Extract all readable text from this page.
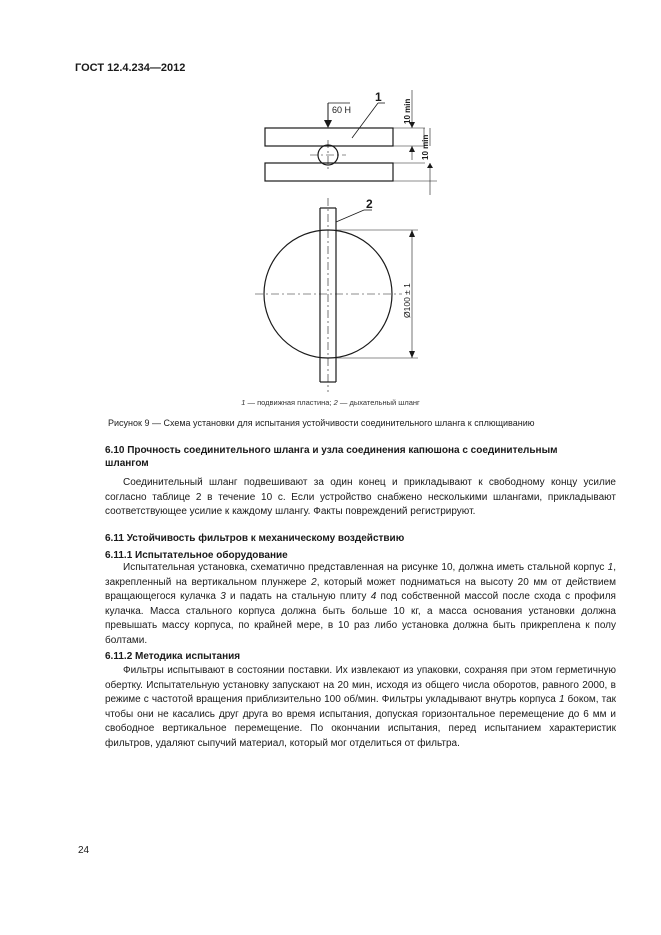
ГОСТ 12.4.234—2012
60 Н
1
2
10 min
10 min
Ø100 ± 1
1 — подвижная пластина; 2 — дыхательный шланг
Рисунок 9 — Схема установки для испытания устойчивости соединительного шланга к сплющиванию
6.10 Прочность соединительного шланга и узла соединения капюшона с соединительным
шлангом
Соединительный шланг подвешивают за один конец и прикладывают к свободному концу усилие согласно таблице 2 в течение 10 с. Если устройство снабжено несколькими шлангами, прикладывают соответствующее усилие к каждому шлангу. Факты повреждений регистрируют.
6.11 Устойчивость фильтров к механическому воздействию
6.11.1 Испытательное оборудование
Испытательная установка, схематично представленная на рисунке 10, должна иметь стальной корпус 1, закрепленный на вертикальном плунжере 2, который может подниматься на высоту 20 мм от действием вращающегося кулачка 3 и падать на стальную плиту 4 под собственной массой после схода с профиля кулачка. Масса стального корпуса должна быть больше 10 кг, а масса основания установки должна превышать массу корпуса, по крайней мере, в 10 раз либо установка должна быть прикреплена к полу болтами.
6.11.2 Методика испытания
Фильтры испытывают в состоянии поставки. Их извлекают из упаковки, сохраняя при этом герметичную обертку. Испытательную установку запускают на 20 мин, исходя из общего числа оборотов, равного 2000, в режиме с частотой вращения приблизительно 100 об/мин. Фильтры укладывают внутрь корпуса 1 боком, так чтобы они не касались друг друга во время испытания, допуская горизонтальное перемещение до 6 мм и свободное вертикальное перемещение. По окончании испытания, перед испытанием характеристик фильтров, удаляют сыпучий материал, который мог отделиться от фильтра.
24
